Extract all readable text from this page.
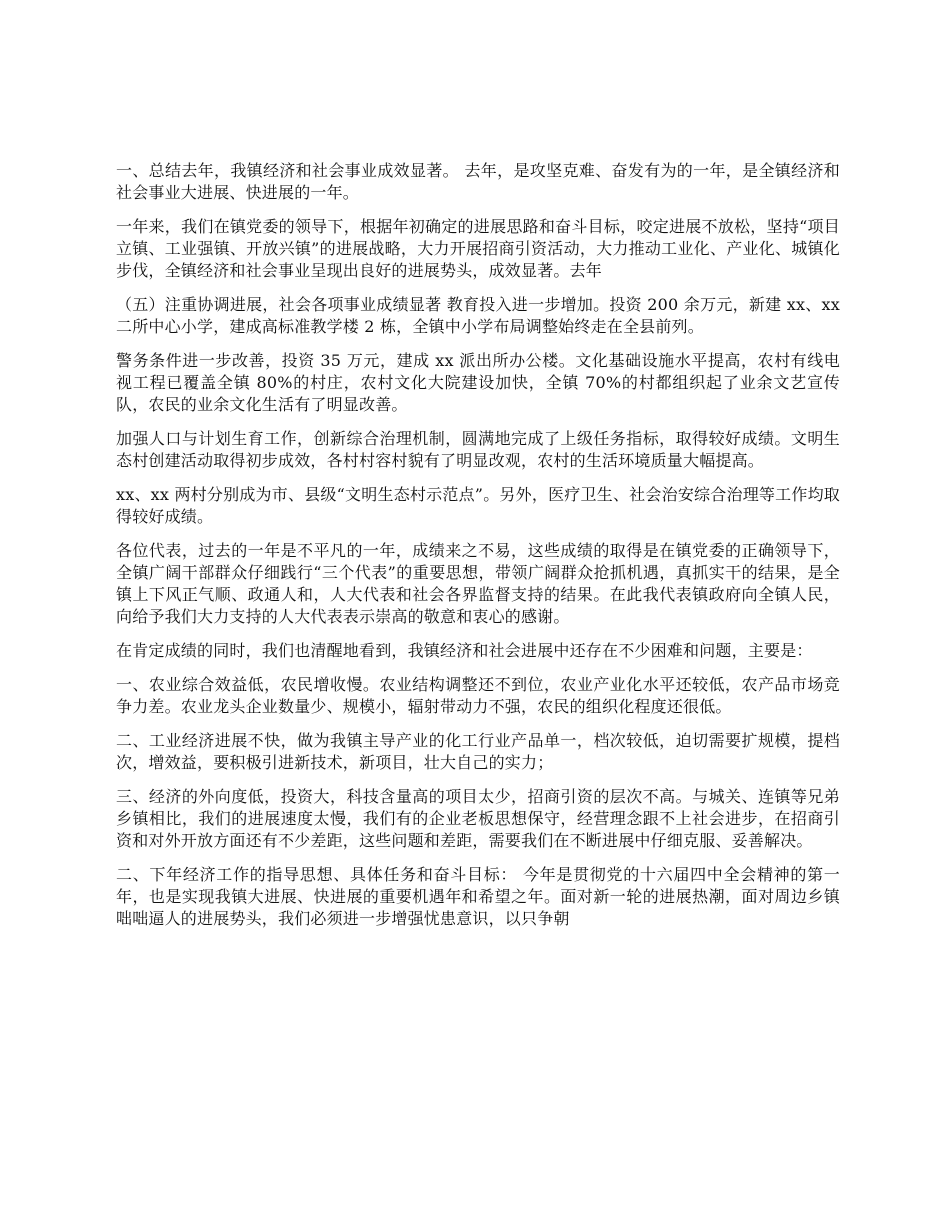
一、总结去年，我镇经济和社会事业成效显著。 去年，是攻坚克难、奋发有为的一年，是全镇经济和社会事业大进展、快进展的一年。

一年来，我们在镇党委的领导下，根据年初确定的进展思路和奋斗目标，咬定进展不放松，坚持“项目立镇、工业强镇、开放兴镇”的进展战略，大力开展招商引资活动，大力推动工业化、产业化、城镇化步伐，全镇经济和社会事业呈现出良好的进展势头，成效显著。去年

（五）注重协调进展，社会各项事业成绩显著 教育投入进一步增加。投资 200 余万元，新建 xx、xx 二所中心小学，建成高标准教学楼 2 栋，全镇中小学布局调整始终走在全县前列。

警务条件进一步改善，投资 35 万元，建成 xx 派出所办公楼。文化基础设施水平提高，农村有线电视工程已覆盖全镇 80%的村庄，农村文化大院建设加快，全镇 70%的村都组织起了业余文艺宣传队，农民的业余文化生活有了明显改善。

加强人口与计划生育工作，创新综合治理机制，圆满地完成了上级任务指标，取得较好成绩。文明生态村创建活动取得初步成效，各村村容村貌有了明显改观，农村的生活环境质量大幅提高。

xx、xx 两村分别成为市、县级“文明生态村示范点”。另外，医疗卫生、社会治安综合治理等工作均取得较好成绩。

各位代表，过去的一年是不平凡的一年，成绩来之不易，这些成绩的取得是在镇党委的正确领导下，全镇广阔干部群众仔细践行“三个代表”的重要思想，带领广阔群众抢抓机遇，真抓实干的结果，是全镇上下风正气顺、政通人和，人大代表和社会各界监督支持的结果。在此我代表镇政府向全镇人民，向给予我们大力支持的人大代表表示崇高的敬意和衷心的感谢。

在肯定成绩的同时，我们也清醒地看到，我镇经济和社会进展中还存在不少困难和问题，主要是：

一、农业综合效益低，农民增收慢。农业结构调整还不到位，农业产业化水平还较低，农产品市场竞争力差。农业龙头企业数量少、规模小，辐射带动力不强，农民的组织化程度还很低。

二、工业经济进展不快，做为我镇主导产业的化工行业产品单一，档次较低，迫切需要扩规模，提档次，增效益，要积极引进新技术，新项目，壮大自己的实力；

三、经济的外向度低，投资大，科技含量高的项目太少，招商引资的层次不高。与城关、连镇等兄弟乡镇相比，我们的进展速度太慢，我们有的企业老板思想保守，经营理念跟不上社会进步，在招商引资和对外开放方面还有不少差距，这些问题和差距，需要我们在不断进展中仔细克服、妥善解决。

二、下年经济工作的指导思想、具体任务和奋斗目标： 今年是贯彻党的十六届四中全会精神的第一年，也是实现我镇大进展、快进展的重要机遇年和希望之年。面对新一轮的进展热潮，面对周边乡镇咄咄逼人的进展势头，我们必须进一步增强忧患意识，以只争朝
